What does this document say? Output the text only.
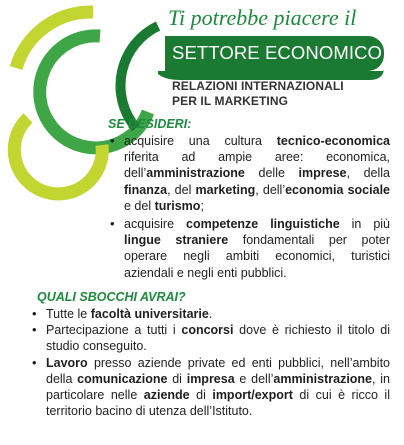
Ti potrebbe piacere il
SETTORE ECONOMICO
RELAZIONI INTERNAZIONALI
PER IL MARKETING
SE DESIDERI:
• acquisire una cultura tecnico-economica riferita ad ampie aree: economica, dell’amministrazione delle imprese, della finanza, del marketing, dell’economia sociale e del turismo;
• acquisire competenze linguistiche in più lingue straniere fondamentali per poter operare negli ambiti economici, turistici aziendali e negli enti pubblici.
QUALI SBOCCHI AVRAI?
• Tutte le facoltà universitarie.
• Partecipazione a tutti i concorsi dove è richiesto il titolo di studio conseguito.
• Lavoro presso aziende private ed enti pubblici, nell’ambito della comunicazione di impresa e dell’amministrazione, in particolare nelle aziende di import/export di cui è ricco il territorio bacino di utenza dell’Istituto.
